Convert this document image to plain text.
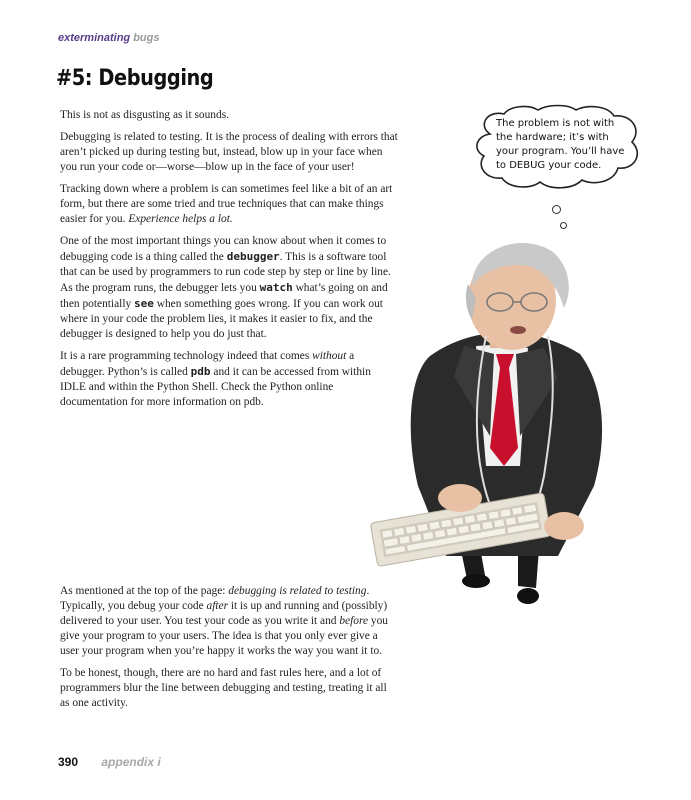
exterminating bugs
#5: Debugging

This is not as disgusting as it sounds.

Debugging is related to testing. It is the process of dealing with errors that aren’t picked up during testing but, instead, blow up in your face when you run your code or—worse—blow up in the face of your user!

Tracking down where a problem is can sometimes feel like a bit of an art form, but there are some tried and true techniques that can make things easier for you. Experience helps a lot.

One of the most important things you can know about when it comes to debugging code is a thing called the debugger. This is a software tool that can be used by programmers to run code step by step or line by line. As the program runs, the debugger lets you watch what’s going on and then potentially see when something goes wrong. If you can work out where in your code the problem lies, it makes it easier to fix, and the debugger is designed to help you do just that.

It is a rare programming technology indeed that comes without a debugger. Python’s is called pdb and it can be accessed from within IDLE and within the Python Shell. Check the Python online documentation for more information on pdb.

The problem is not with the hardware; it’s with your program. You’ll have to DEBUG your code.

As mentioned at the top of the page: debugging is related to testing. Typically, you debug your code after it is up and running and (possibly) delivered to your user. You test your code as you write it and before you give your program to your users. The idea is that you only ever give a user your program when you’re happy it works the way you want it to.

To be honest, though, there are no hard and fast rules here, and a lot of programmers blur the line between debugging and testing, treating it all as one activity.

390 appendix i
